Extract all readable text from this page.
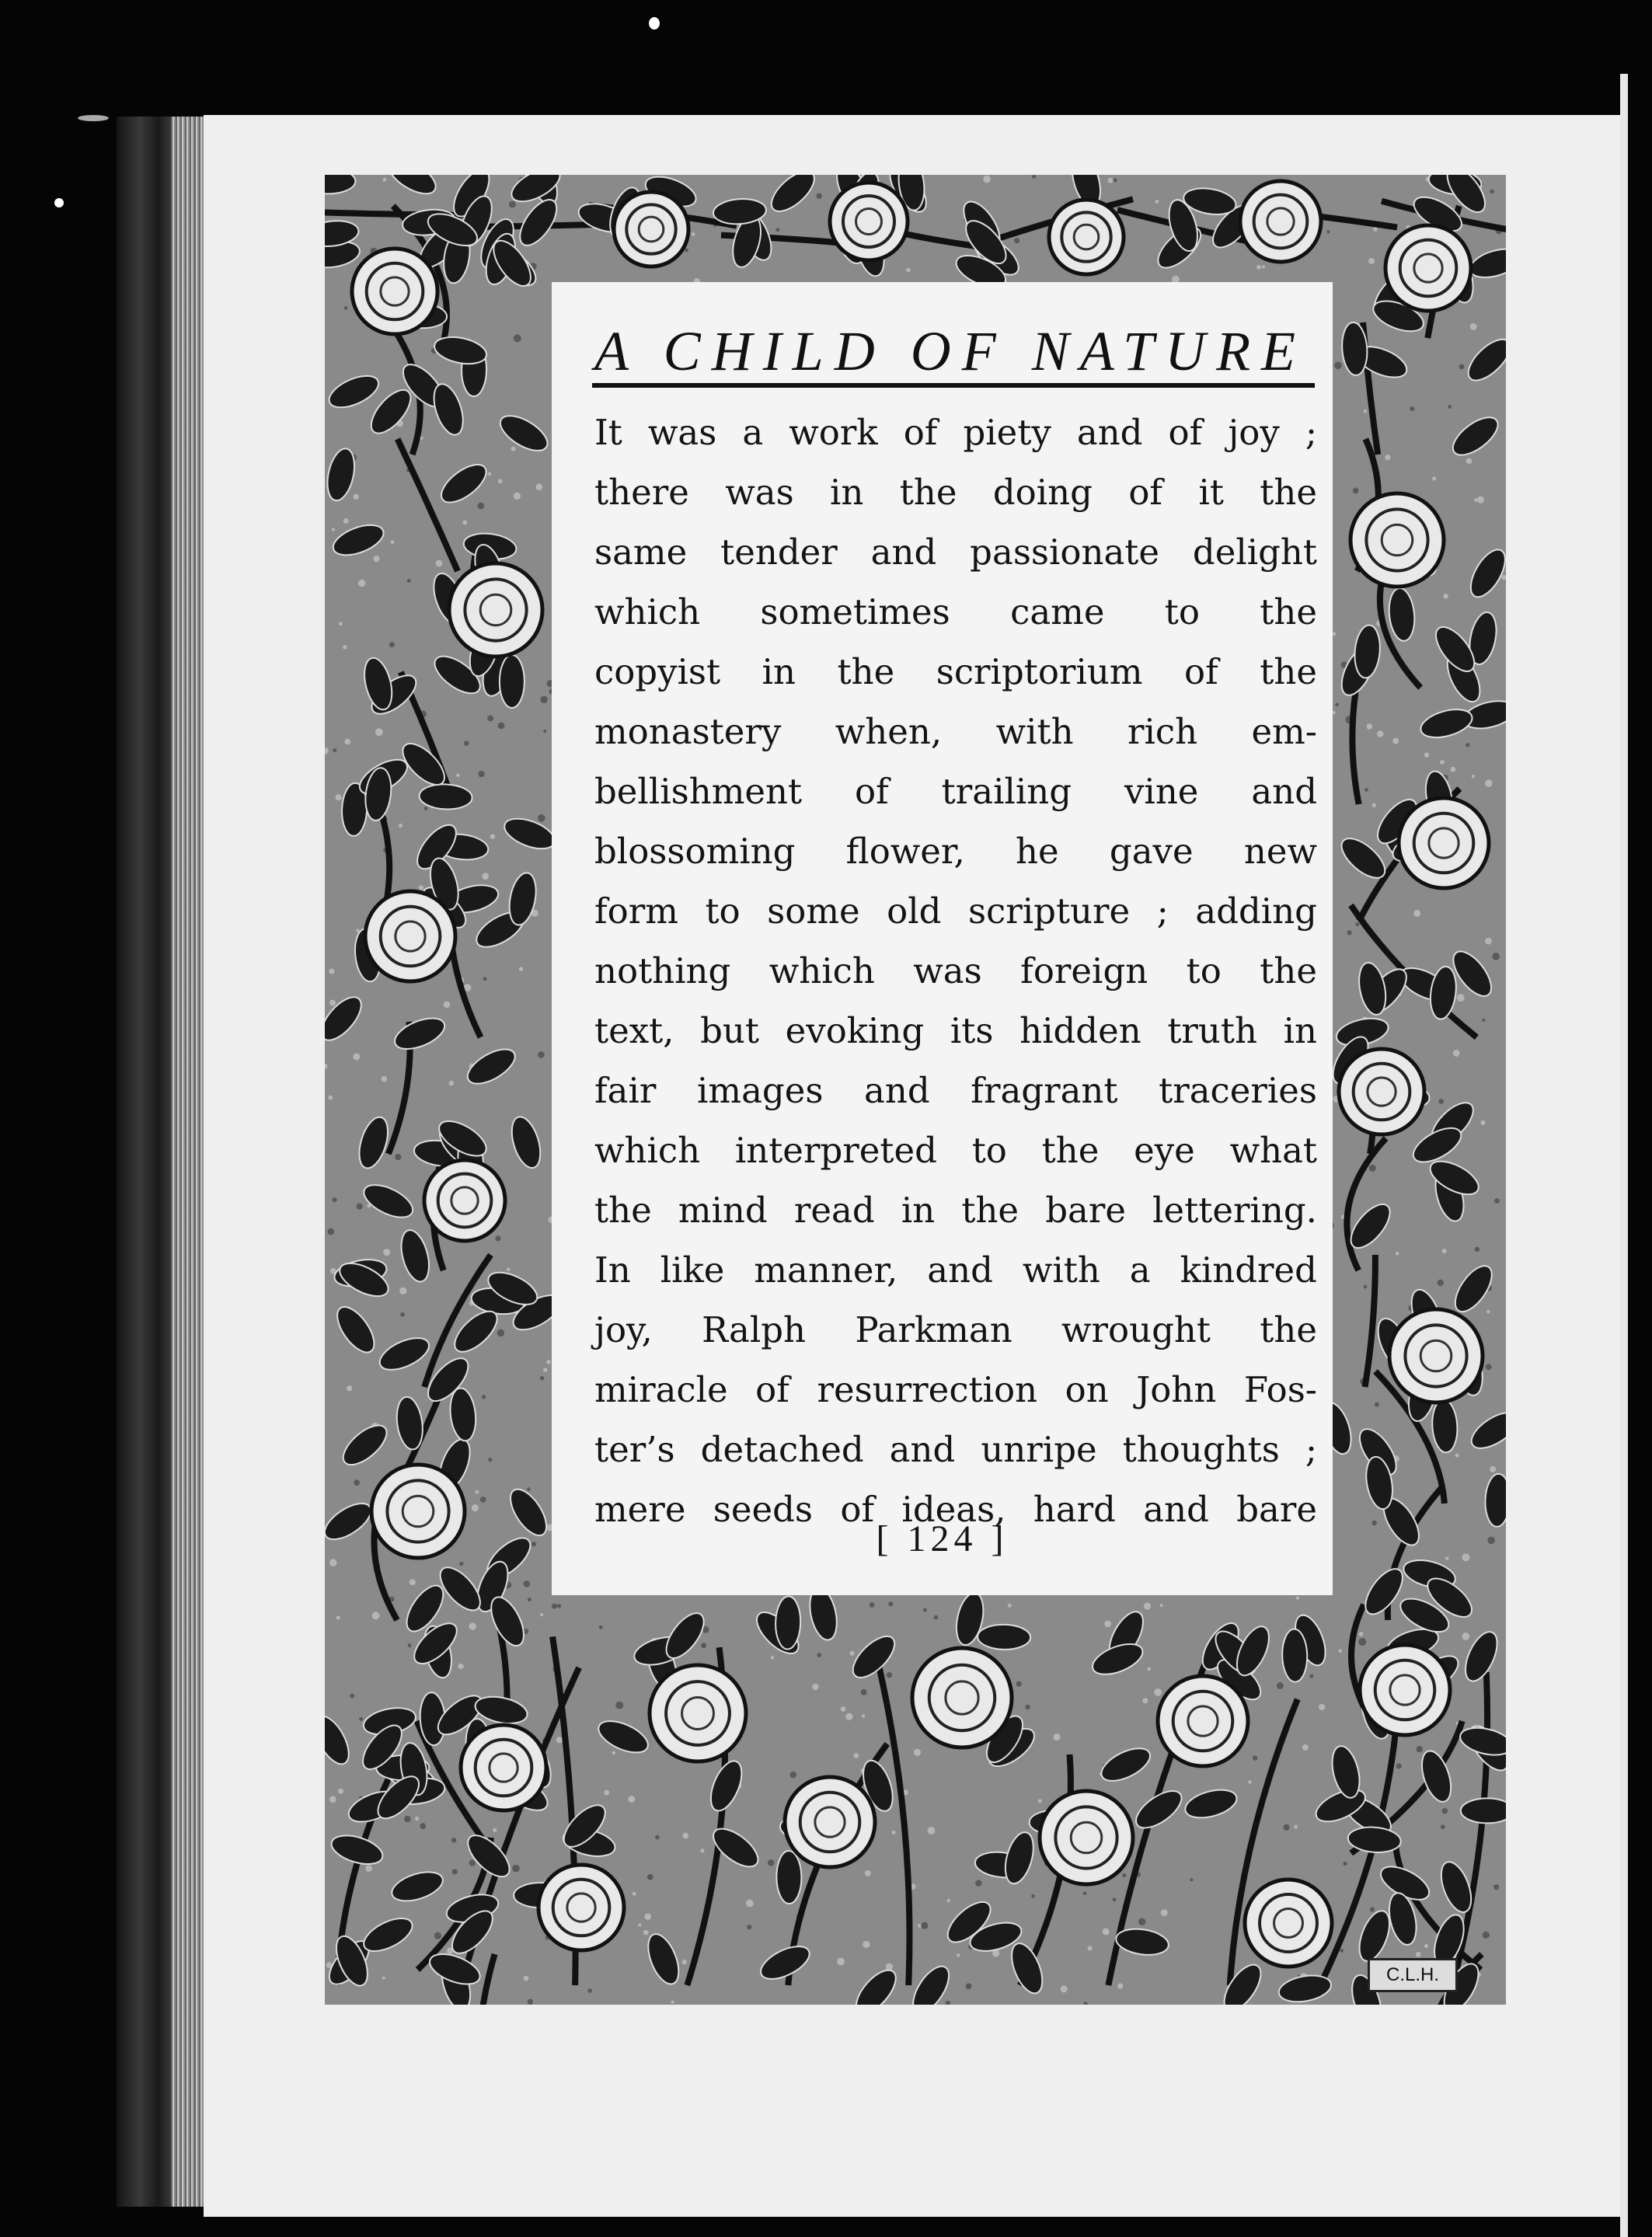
A CHILD OF NATURE
It was a work of piety and of joy ;
there was in the doing of it the
same tender and passionate delight
which sometimes came to the
copyist in the scriptorium of the
monastery when, with rich em-
bellishment of trailing vine and
blossoming flower, he gave new
form to some old scripture ; adding
nothing which was foreign to the
text, but evoking its hidden truth in
fair images and fragrant traceries
which interpreted to the eye what
the mind read in the bare lettering.
In like manner, and with a kindred
joy, Ralph Parkman wrought the
miracle of resurrection on John Fos-
ter’s detached and unripe thoughts ;
mere seeds of ideas, hard and bare
[ 124 ]
C.L.H.
